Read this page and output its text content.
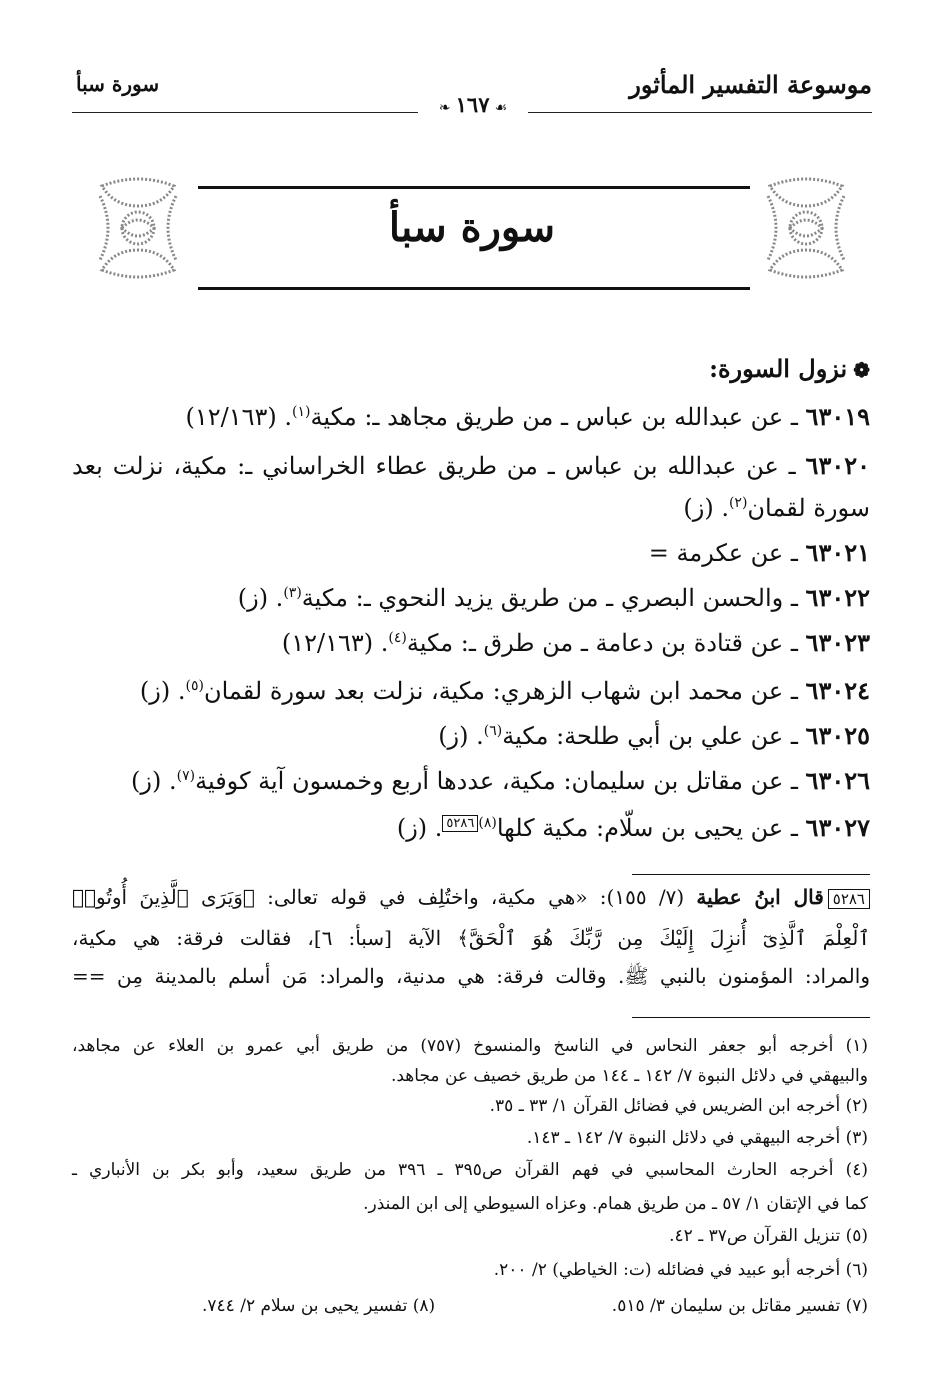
موسوعة التفسير المأثور
سورة سبأ
❧ ١٦٧ ☙
سورة سبأ
❁نزول السورة:
٦٣٠١٩ ـ عن عبدالله بن عباس ـ من طريق مجاهد ـ: مكية$^{(١)}$. (١٢/١٦٣)
٦٣٠٢٠ ـ عن عبدالله بن عباس ـ من طريق عطاء الخراساني ـ: مكية، نزلت بعد
سورة لقمان$^{(٢)}$. (ز)
٦٣٠٢١ ـ عن عكرمة =
٦٣٠٢٢ ـ والحسن البصري ـ من طريق يزيد النحوي ـ: مكية$^{(٣)}$. (ز)
٦٣٠٢٣ ـ عن قتادة بن دعامة ـ من طرق ـ: مكية$^{(٤)}$. (١٢/١٦٣)
٦٣٠٢٤ ـ عن محمد ابن شهاب الزهري: مكية، نزلت بعد سورة لقمان$^{(٥)}$. (ز)
٦٣٠٢٥ ـ عن علي بن أبي طلحة: مكية$^{(٦)}$. (ز)
٦٣٠٢٦ ـ عن مقاتل بن سليمان: مكية، عددها أربع وخمسون آية كوفية$^{(٧)}$. (ز)
٦٣٠٢٧ ـ عن يحيى بن سلّام: مكية كلها$^{(٨)٥٢٨٦}$. (ز)
٥٢٨٦قال ابنُ عطية (٧/ ١٥٥): «هي مكية، واختُلِف في قوله تعالى: ﴿وَيَرَى ٱلَّذِينَ أُوتُوا۟
ٱلْعِلْمَ ٱلَّذِىٓ أُنزِلَ إِلَيْكَ مِن رَّبِّكَ هُوَ ٱلْحَقَّ﴾ الآية [سبأ: ٦]، فقالت فرقة: هي مكية،
والمراد: المؤمنون بالنبي ﷺ. وقالت فرقة: هي مدنية، والمراد: مَن أسلم بالمدينة مِن ==
(١) أخرجه أبو جعفر النحاس في الناسخ والمنسوخ (٧٥٧) من طريق أبي عمرو بن العلاء عن مجاهد،
والبيهقي في دلائل النبوة ٧/ ١٤٢ ـ ١٤٤ من طريق خصيف عن مجاهد.
(٢) أخرجه ابن الضريس في فضائل القرآن ١/ ٣٣ ـ ٣٥.
(٣) أخرجه البيهقي في دلائل النبوة ٧/ ١٤٢ ـ ١٤٣.
(٤) أخرجه الحارث المحاسبي في فهم القرآن ص٣٩٥ ـ ٣٩٦ من طريق سعيد، وأبو بكر بن الأنباري ـ
كما في الإتقان ١/ ٥٧ ـ من طريق همام. وعزاه السيوطي إلى ابن المنذر.
(٥) تنزيل القرآن ص٣٧ ـ ٤٢.
(٦) أخرجه أبو عبيد في فضائله (ت: الخياطي) ٢/ ٢٠٠.
(٧) تفسير مقاتل بن سليمان ٣/ ٥١٥.
(٨) تفسير يحيى بن سلام ٢/ ٧٤٤.
